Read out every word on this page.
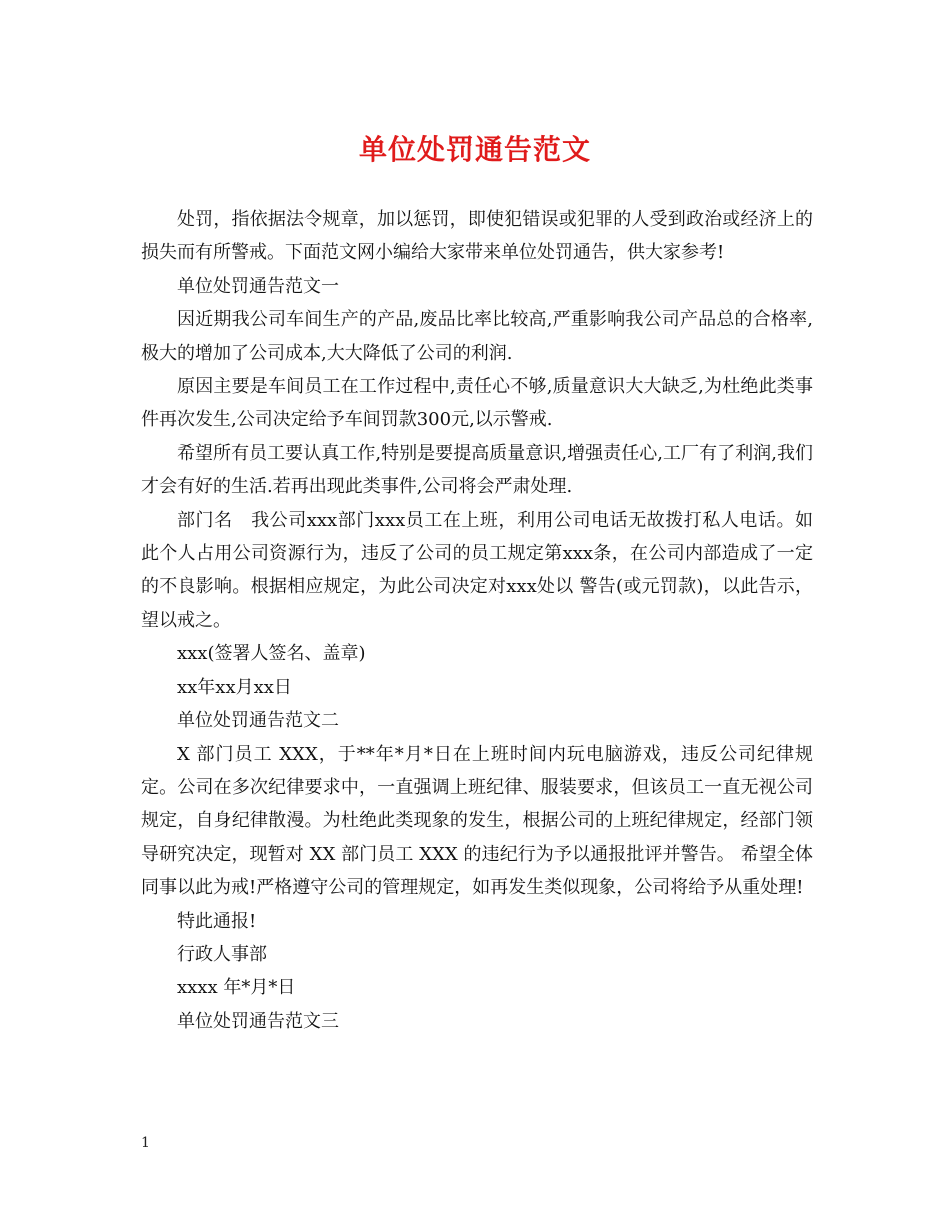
单位处罚通告范文

处罚，指依据法令规章，加以惩罚，即使犯错误或犯罪的人受到政治或经济上的损失而有所警戒。下面范文网小编给大家带来单位处罚通告，供大家参考!

单位处罚通告范文一

因近期我公司车间生产的产品,废品比率比较高,严重影响我公司产品总的合格率,极大的增加了公司成本,大大降低了公司的利润.

原因主要是车间员工在工作过程中,责任心不够,质量意识大大缺乏,为杜绝此类事件再次发生,公司决定给予车间罚款300元,以示警戒.

希望所有员工要认真工作,特别是要提高质量意识,增强责任心,工厂有了利润,我们才会有好的生活.若再出现此类事件,公司将会严肃处理.

部门名　我公司xxx部门xxx员工在上班，利用公司电话无故拨打私人电话。如此个人占用公司资源行为，违反了公司的员工规定第xxx条，在公司内部造成了一定的不良影响。根据相应规定，为此公司决定对xxx处以 警告(或元罚款)，以此告示，望以戒之。

xxx(签署人签名、盖章)

xx年xx月xx日

单位处罚通告范文二

X 部门员工 XXX，于**年*月*日在上班时间内玩电脑游戏，违反公司纪律规定。公司在多次纪律要求中，一直强调上班纪律、服装要求，但该员工一直无视公司规定，自身纪律散漫。为杜绝此类现象的发生，根据公司的上班纪律规定，经部门领导研究决定，现暂对 XX 部门员工 XXX 的违纪行为予以通报批评并警告。 希望全体同事以此为戒!严格遵守公司的管理规定，如再发生类似现象，公司将给予从重处理!

特此通报!

行政人事部

xxxx 年*月*日

单位处罚通告范文三

1
